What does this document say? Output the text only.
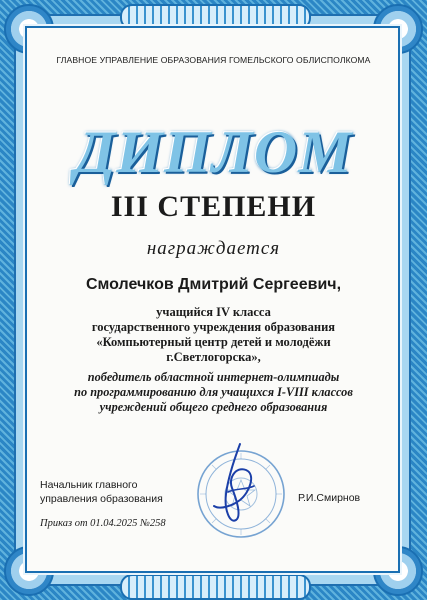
ГЛАВНОЕ УПРАВЛЕНИЕ ОБРАЗОВАНИЯ ГОМЕЛЬСКОГО ОБЛИСПОЛКОМА
ДИПЛОМ
III СТЕПЕНИ
награждается
Смолечков Дмитрий Сергеевич,
учащийся IV класса
государственного учреждения образования
«Компьютерный центр детей и молодёжи
г.Светлогорска»,
победитель областной интернет-олимпиады
по программированию для учащихся I-VIII классов
учреждений общего среднего образования
Начальник главного
управления образования	Р.И.Смирнов
Приказ от 01.04.2025 №258
